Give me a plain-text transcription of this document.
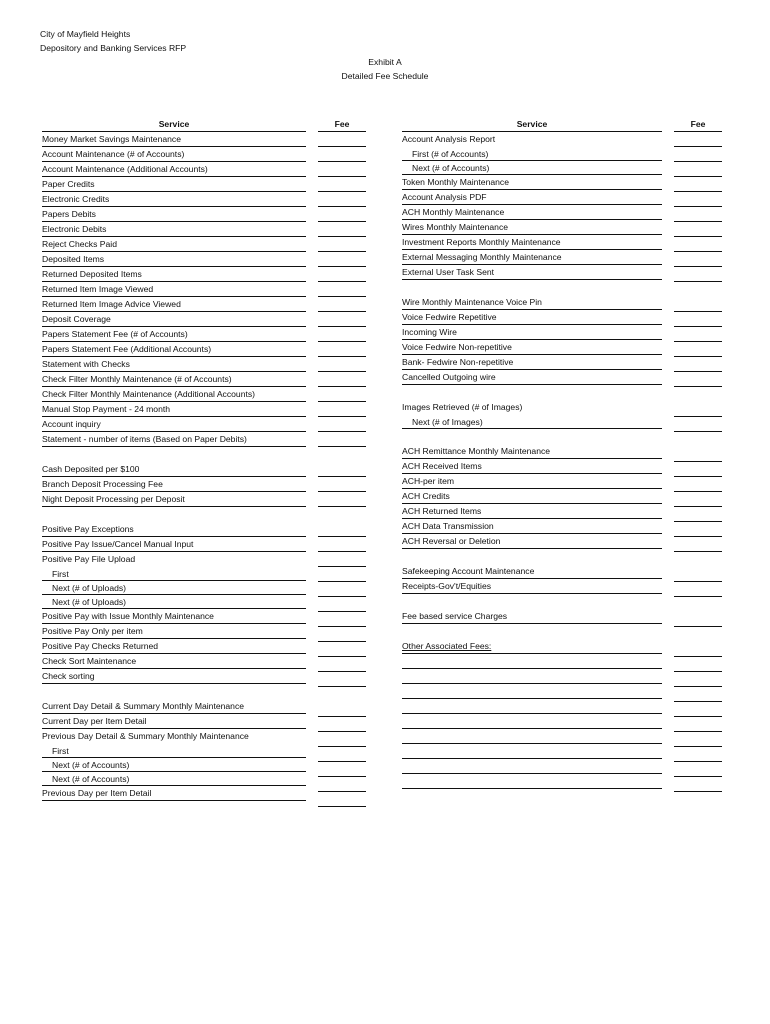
City of Mayfield Heights
Depository and Banking Services RFP
Exhibit A
Detailed Fee Schedule
Service
Money Market Savings Maintenance
Account Maintenance (# of Accounts)
Account Maintenance (Additional Accounts)
Paper Credits
Electronic Credits
Papers Debits
Electronic Debits
Reject Checks Paid
Deposited Items
Returned Deposited Items
Returned Item Image Viewed
Returned Item Image Advice Viewed
Deposit Coverage
Papers Statement Fee (# of Accounts)
Papers Statement Fee (Additional Accounts)
Statement with Checks
Check Filter Monthly Maintenance (# of Accounts)
Check Filter Monthly Maintenance (Additional Accounts)
Manual Stop Payment - 24 month
Account inquiry
Statement - number of items (Based on Paper Debits)
Cash Deposited per $100
Branch Deposit Processing Fee
Night Deposit Processing per Deposit
Positive Pay Exceptions
Positive Pay Issue/Cancel Manual Input
Positive Pay File Upload
First
Next (# of Uploads)
Next (# of Uploads)
Positive Pay with Issue Monthly Maintenance
Positive Pay Only per item
Positive Pay Checks Returned
Check Sort Maintenance
Check sorting
Current Day Detail & Summary Monthly Maintenance
Current Day per Item Detail
Previous Day Detail & Summary Monthly Maintenance
First
Next (# of Accounts)
Next (# of Accounts)
Previous Day per Item Detail
Fee	Service
Account Analysis Report
First (# of Accounts)
Next (# of Accounts)
Token Monthly Maintenance
Account Analysis PDF
ACH Monthly Maintenance
Wires Monthly Maintenance
Investment Reports Monthly Maintenance
External Messaging Monthly Maintenance
External User Task Sent
Wire Monthly Maintenance Voice Pin
Voice Fedwire Repetitive
Incoming Wire
Voice Fedwire Non-repetitive
Bank- Fedwire Non-repetitive
Cancelled Outgoing wire
Images Retrieved (# of Images)
Next (# of Images)
ACH Remittance Monthly Maintenance
ACH Received Items
ACH-per item
ACH Credits
ACH Returned Items
ACH Data Transmission
ACH Reversal or Deletion
Safekeeping Account Maintenance
Receipts-Gov't/Equities
Fee based service Charges
Other Associated Fees:
Fee
